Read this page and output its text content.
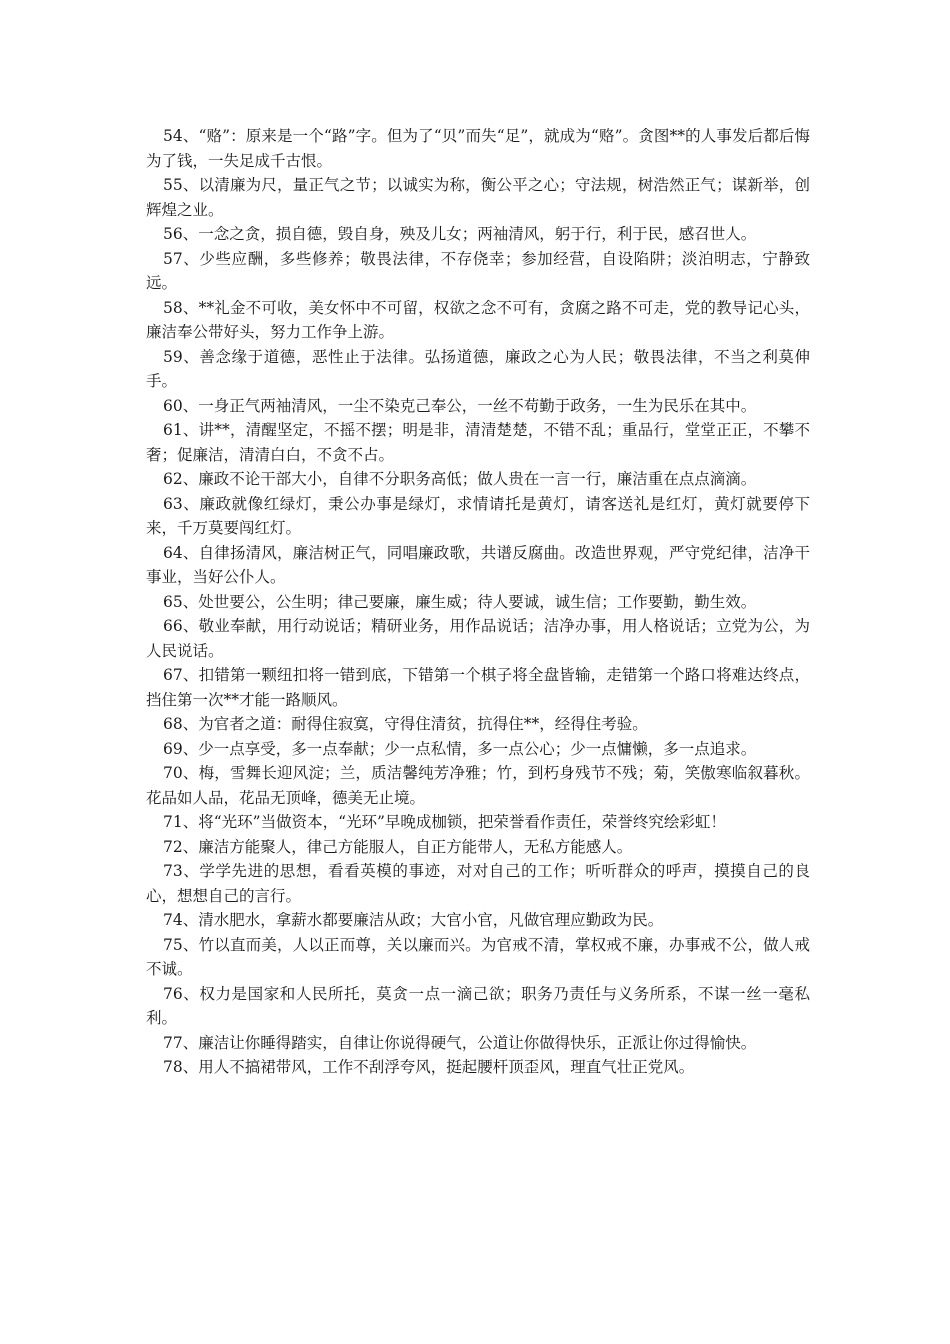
54、“赂”：原来是一个“路”字。但为了“贝”而失“足”，就成为“赂”。贪图**的人事发后都后悔为了钱，一失足成千古恨。

55、以清廉为尺，量正气之节；以诚实为称，衡公平之心；守法规，树浩然正气；谋新举，创辉煌之业。

56、一念之贪，损自德，毁自身，殃及儿女；两袖清风，躬于行，利于民，感召世人。

57、少些应酬，多些修养；敬畏法律，不存侥幸；参加经营，自设陷阱；淡泊明志，宁静致远。

58、**礼金不可收，美女怀中不可留，权欲之念不可有，贪腐之路不可走，党的教导记心头，廉洁奉公带好头，努力工作争上游。

59、善念缘于道德，恶性止于法律。弘扬道德，廉政之心为人民；敬畏法律，不当之利莫伸手。

60、一身正气两袖清风，一尘不染克己奉公，一丝不苟勤于政务，一生为民乐在其中。

61、讲**，清醒坚定，不摇不摆；明是非，清清楚楚，不错不乱；重品行，堂堂正正，不攀不奢；促廉洁，清清白白，不贪不占。

62、廉政不论干部大小，自律不分职务高低；做人贵在一言一行，廉洁重在点点滴滴。

63、廉政就像红绿灯，秉公办事是绿灯，求情请托是黄灯，请客送礼是红灯，黄灯就要停下来，千万莫要闯红灯。

64、自律扬清风，廉洁树正气，同唱廉政歌，共谱反腐曲。改造世界观，严守党纪律，洁净干事业，当好公仆人。

65、处世要公，公生明；律己要廉，廉生威；待人要诚，诚生信；工作要勤，勤生效。

66、敬业奉献，用行动说话；精研业务，用作品说话；洁净办事，用人格说话；立党为公，为人民说话。

67、扣错第一颗纽扣将一错到底，下错第一个棋子将全盘皆输，走错第一个路口将难达终点，挡住第一次**才能一路顺风。

68、为官者之道：耐得住寂寞，守得住清贫，抗得住**，经得住考验。

69、少一点享受，多一点奉献；少一点私情，多一点公心；少一点慵懒，多一点追求。

70、梅，雪舞长迎风淀；兰，质洁馨纯芳净雅；竹，到朽身残节不残；菊，笑傲寒临叙暮秋。花品如人品，花品无顶峰，德美无止境。

71、将“光环”当做资本，“光环”早晚成枷锁，把荣誉看作责任，荣誉终究绘彩虹！

72、廉洁方能聚人，律己方能服人，自正方能带人，无私方能感人。

73、学学先进的思想，看看英模的事迹，对对自己的工作；听听群众的呼声，摸摸自己的良心，想想自己的言行。

74、清水肥水，拿薪水都要廉洁从政；大官小官，凡做官理应勤政为民。

75、竹以直而美，人以正而尊，关以廉而兴。为官戒不清，掌权戒不廉，办事戒不公，做人戒不诚。

76、权力是国家和人民所托，莫贪一点一滴己欲；职务乃责任与义务所系，不谋一丝一毫私利。

77、廉洁让你睡得踏实，自律让你说得硬气，公道让你做得快乐，正派让你过得愉快。

78、用人不搞裙带风，工作不刮浮夸风，挺起腰杆顶歪风，理直气壮正党风。
